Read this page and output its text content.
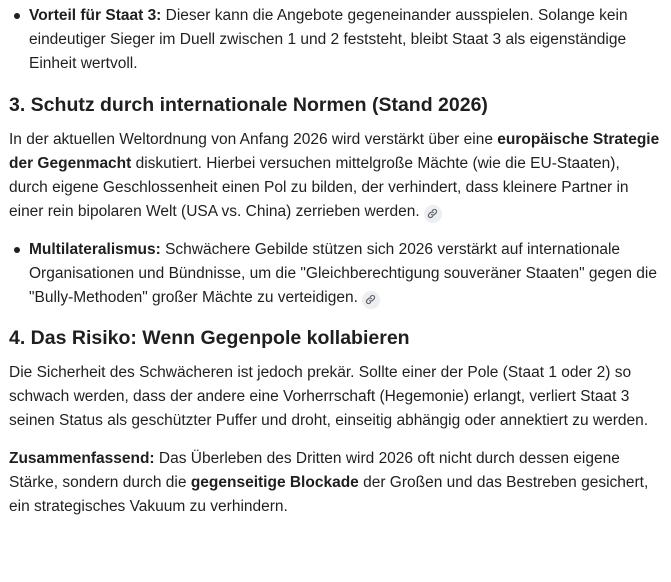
Vorteil für Staat 3: Dieser kann die Angebote gegeneinander ausspielen. Solange kein eindeutiger Sieger im Duell zwischen 1 und 2 feststeht, bleibt Staat 3 als eigenständige Einheit wertvoll.
3. Schutz durch internationale Normen (Stand 2026)

In der aktuellen Weltordnung von Anfang 2026 wird verstärkt über eine europäische Strategie der Gegenmacht diskutiert. Hierbei versuchen mittelgroße Mächte (wie die EU-Staaten), durch eigene Geschlossenheit einen Pol zu bilden, der verhindert, dass kleinere Partner in einer rein bipolaren Welt (USA vs. China) zerrieben werden.

Multilateralismus: Schwächere Gebilde stützen sich 2026 verstärkt auf internationale Organisationen und Bündnisse, um die "Gleichberechtigung souveräner Staaten" gegen die "Bully-Methoden" großer Mächte zu verteidigen.
4. Das Risiko: Wenn Gegenpole kollabieren

Die Sicherheit des Schwächeren ist jedoch prekär. Sollte einer der Pole (Staat 1 oder 2) so schwach werden, dass der andere eine Vorherrschaft (Hegemonie) erlangt, verliert Staat 3 seinen Status als geschützter Puffer und droht, einseitig abhängig oder annektiert zu werden.

Zusammenfassend: Das Überleben des Dritten wird 2026 oft nicht durch dessen eigene Stärke, sondern durch die gegenseitige Blockade der Großen und das Bestreben gesichert, ein strategisches Vakuum zu verhindern.
